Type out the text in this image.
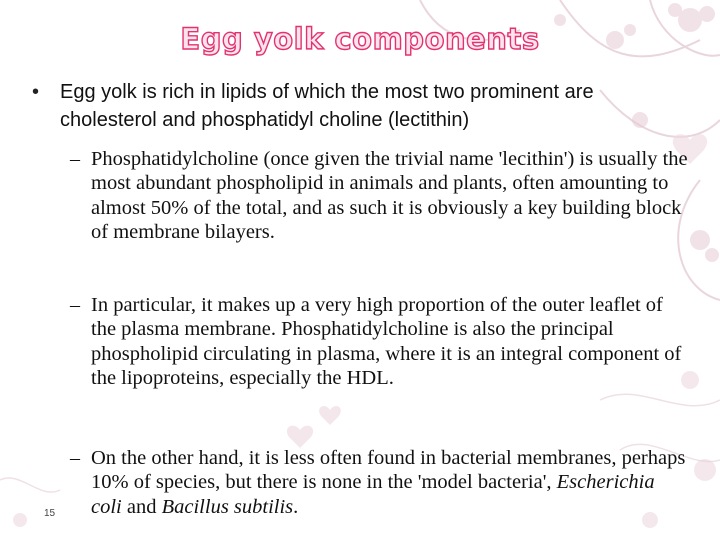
Egg yolk components
• Egg yolk is rich in lipids of which the most two prominent are cholesterol and phosphatidyl choline (lectithin)
– Phosphatidylcholine (once given the trivial name 'lecithin') is usually the most abundant phospholipid in animals and plants, often amounting to almost 50% of the total, and as such it is obviously a key building block of membrane bilayers.
– In particular, it makes up a very high proportion of the outer leaflet of the plasma membrane. Phosphatidylcholine is also the principal phospholipid circulating in plasma, where it is an integral component of the lipoproteins, especially the HDL.
– On the other hand, it is less often found in bacterial membranes, perhaps 10% of species, but there is none in the 'model bacteria', Escherichia coli and Bacillus subtilis.
15
